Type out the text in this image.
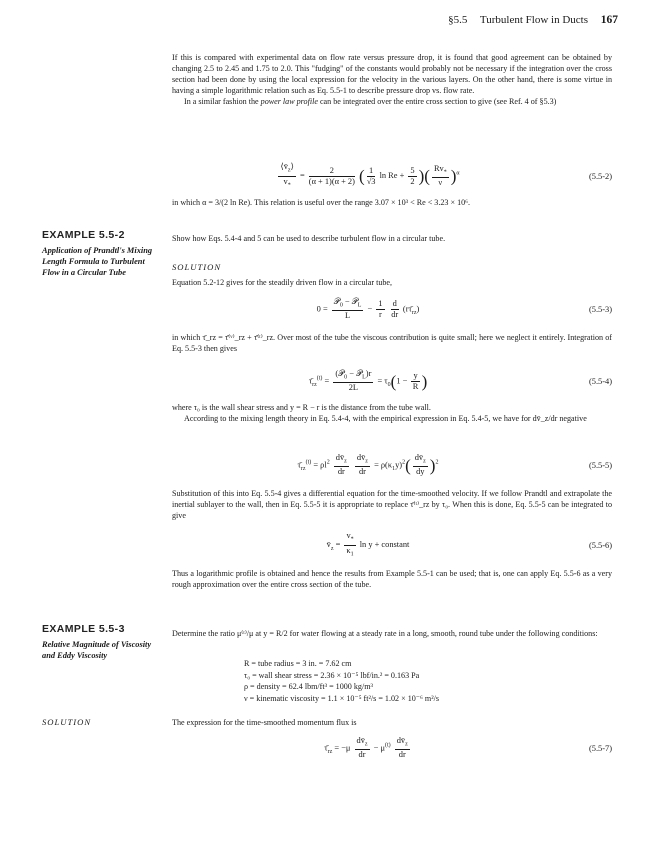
§5.5 Turbulent Flow in Ducts 167

If this is compared with experimental data on flow rate versus pressure drop, it is found that good agreement can be obtained by changing 2.5 to 2.45 and 1.75 to 2.0. This "fudging" of the constants would probably not be necessary if the integration over the cross section had been done by using the local expression for the velocity in the various layers. On the other hand, there is some virtue in having a simple logarithmic relation such as Eq. 5.5-1 to describe pressure drop vs. flow rate.

In a similar fashion the power law profile can be integrated over the entire cross section to give (see Ref. 4 of §5.3)

$\frac{⟨v̄_z⟩}{v_*} = \frac{2}{(\alpha + 1)(\alpha + 2)}$ ( $\frac{1}{√3}$ $\ln Re + \frac{5}{2}$ )( $\frac{Rv_*}{\nu} )^\alpha$	(5.5-2)
in which α = 3/(2 ln Re). This relation is useful over the range 3.07 × 10³ < Re < 3.23 × 10⁶.
EXAMPLE 5.5-2
Application of Prandtl's Mixing Length Formula to Turbulent Flow in a Circular Tube
Show how Eqs. 5.4-4 and 5 can be used to describe turbulent flow in a circular tube.
SOLUTION
Equation 5.2-12 gives for the steadily driven flow in a circular tube,
$0 = \frac{𝒫_0 - 𝒫_L}{L} - \frac{1}{r}$
$\frac{d}{dr}$ $(r\taū_{rz})$	(5.5-3)
in which τ̄_rz = τ̄⁽ᵛ⁾_rz + τ̄⁽ᵗ⁾_rz. Over most of the tube the viscous contribution is quite small; here we neglect it entirely. Integration of Eq. 5.5-3 then gives
$\taū_{rz}^{(t)} = \frac{(𝒫_0 - 𝒫_L)r}{2L} = \tau_0(1 - \frac{y}{R}$ )	(5.5-4)
where τ₀ is the wall shear stress and y = R − r is the distance from the tube wall.
According to the mixing length theory in Eq. 5.4-4, with the empirical expression in Eq. 5.4-5, we have for dv̄_z/dr negative
$\taū_{rz}^{(t)} = \rho l^2 \frac{dv̄_z}{dr}$
$\frac{dv̄_z}{dr} = \rho(\kappa_1y)^2( \frac{dv̄_z}{dy} )^2$	(5.5-5)
Substitution of this into Eq. 5.5-4 gives a differential equation for the time-smoothed velocity. If we follow Prandtl and extrapolate the inertial sublayer to the wall, then in Eq. 5.5-5 it is appropriate to replace τ̄⁽ᵗ⁾_rz by τ₀. When this is done, Eq. 5.5-5 can be integrated to give
$v̄_z = \frac{v_*}{\kappa_1}$ ln y + constant	(5.5-6)
Thus a logarithmic profile is obtained and hence the results from Example 5.5-1 can be used; that is, one can apply Eq. 5.5-6 as a very rough approximation over the entire cross section of the tube.
EXAMPLE 5.5-3
Relative Magnitude of Viscosity and Eddy Viscosity
Determine the ratio μ⁽ᵗ⁾/μ at y = R/2 for water flowing at a steady rate in a long, smooth, round tube under the following conditions:
R = tube radius = 3 in. = 7.62 cm
τ₀ = wall shear stress = 2.36 × 10⁻⁵ lbf/in.² = 0.163 Pa
ρ = density = 62.4 lbm/ft³ = 1000 kg/m³
ν = kinematic viscosity = 1.1 × 10⁻⁵ ft²/s = 1.02 × 10⁻⁶ m²/s
SOLUTION	The expression for the time-smoothed momentum flux is
$\taū_{rz} = -\mu \frac{dv̄_z}{dr} - \mu^{(t)} \frac{dv̄_z}{dr}$	(5.5-7)
